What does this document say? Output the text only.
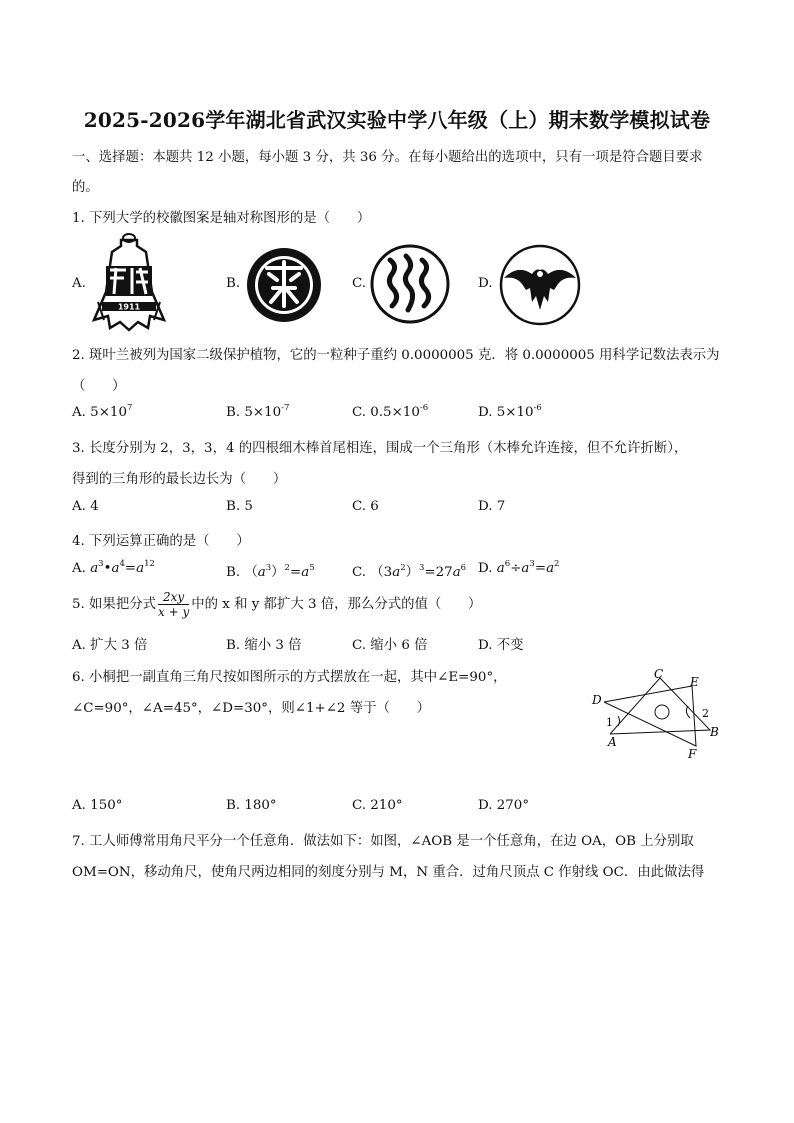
2025-2026学年湖北省武汉实验中学八年级（上）期末数学模拟试卷
一、选择题：本题共 12 小题，每小题 3 分，共 36 分。在每小题给出的选项中，只有一项是符合题目要求
的。
1. 下列大学的校徽图案是轴对称图形的是（　　）
A.	B.	C.	D.
1911
2. 斑叶兰被列为国家二级保护植物，它的一粒种子重约 0.0000005 克．将 0.0000005 用科学记数法表示为
（　　）
A. $5\times 10^7$	B. $5\times 10^{-7}$	C. $0.5\times 10^{-6}$	D. $5\times 10^{-6}$
3. 长度分别为 2，3，3，4 的四根细木棒首尾相连，围成一个三角形（木棒允许连接，但不允许折断），
得到的三角形的最长边长为（　　）
A. 4	B. 5	C. 6	D. 7
4. 下列运算正确的是（　　）
A. $a^3•a^4=a^{12}$
B. $(a^3)^2=a^5$	C. $(3a^2)^3=27a^6$ D. $a^6\div a^3=a^2$
5. 如果把分式 $\frac{2xy}{x + y}$ 中的 x 和 y 都扩大 3 倍，那么分式的值（　　）
A. 扩大 3 倍	B. 缩小 3 倍	C. 缩小 6 倍	D. 不变
6. 小桐把一副直角三角尺按如图所示的方式摆放在一起，其中∠E=90°，
∠C=90°，∠A=45°，∠D=30°，则∠1+∠2 等于（　　）
C
E
D
1
2
A
B
F
A. 150°	B. 180°	C. 210°	D. 270°
7. 工人师傅常用角尺平分一个任意角．做法如下：如图，∠AOB 是一个任意角，在边 OA，OB 上分别取
OM=ON，移动角尺，使角尺两边相同的刻度分别与 M，N 重合．过角尺顶点 C 作射线 OC．由此做法得
